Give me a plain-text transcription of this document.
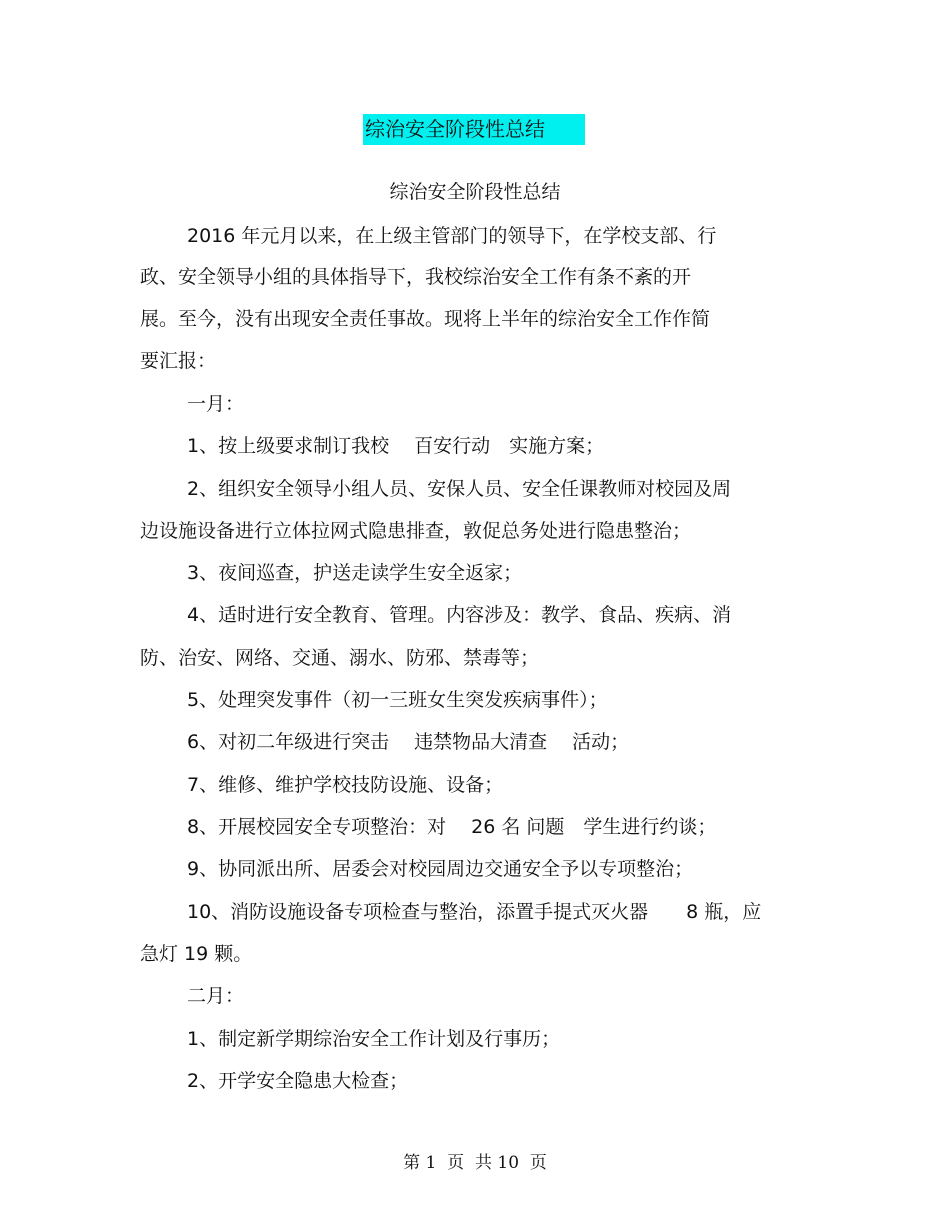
综治安全阶段性总结
综治安全阶段性总结
2016 年元月以来，在上级主管部门的领导下，在学校支部、行
政、安全领导小组的具体指导下，我校综治安全工作有条不紊的开
展。至今，没有出现安全责任事故。现将上半年的综治安全工作作简
要汇报：
一月：
1、按上级要求制订我校　 百安行动　实施方案；
2、组织安全领导小组人员、安保人员、安全任课教师对校园及周
边设施设备进行立体拉网式隐患排查，敦促总务处进行隐患整治；
3、夜间巡查，护送走读学生安全返家；
4、适时进行安全教育、管理。内容涉及：教学、食品、疾病、消
防、治安、网络、交通、溺水、防邪、禁毒等；
5、处理突发事件（初一三班女生突发疾病事件）；
6、对初二年级进行突击　 违禁物品大清查　 活动；
7、维修、维护学校技防设施、设备；
8、开展校园安全专项整治：对　 26 名 问题　学生进行约谈；
9、协同派出所、居委会对校园周边交通安全予以专项整治；
10、消防设施设备专项检查与整治，添置手提式灭火器　　8 瓶，应
急灯 19 颗。
二月：
1、制定新学期综治安全工作计划及行事历；
2、开学安全隐患大检查；
第 1  页  共 10  页
